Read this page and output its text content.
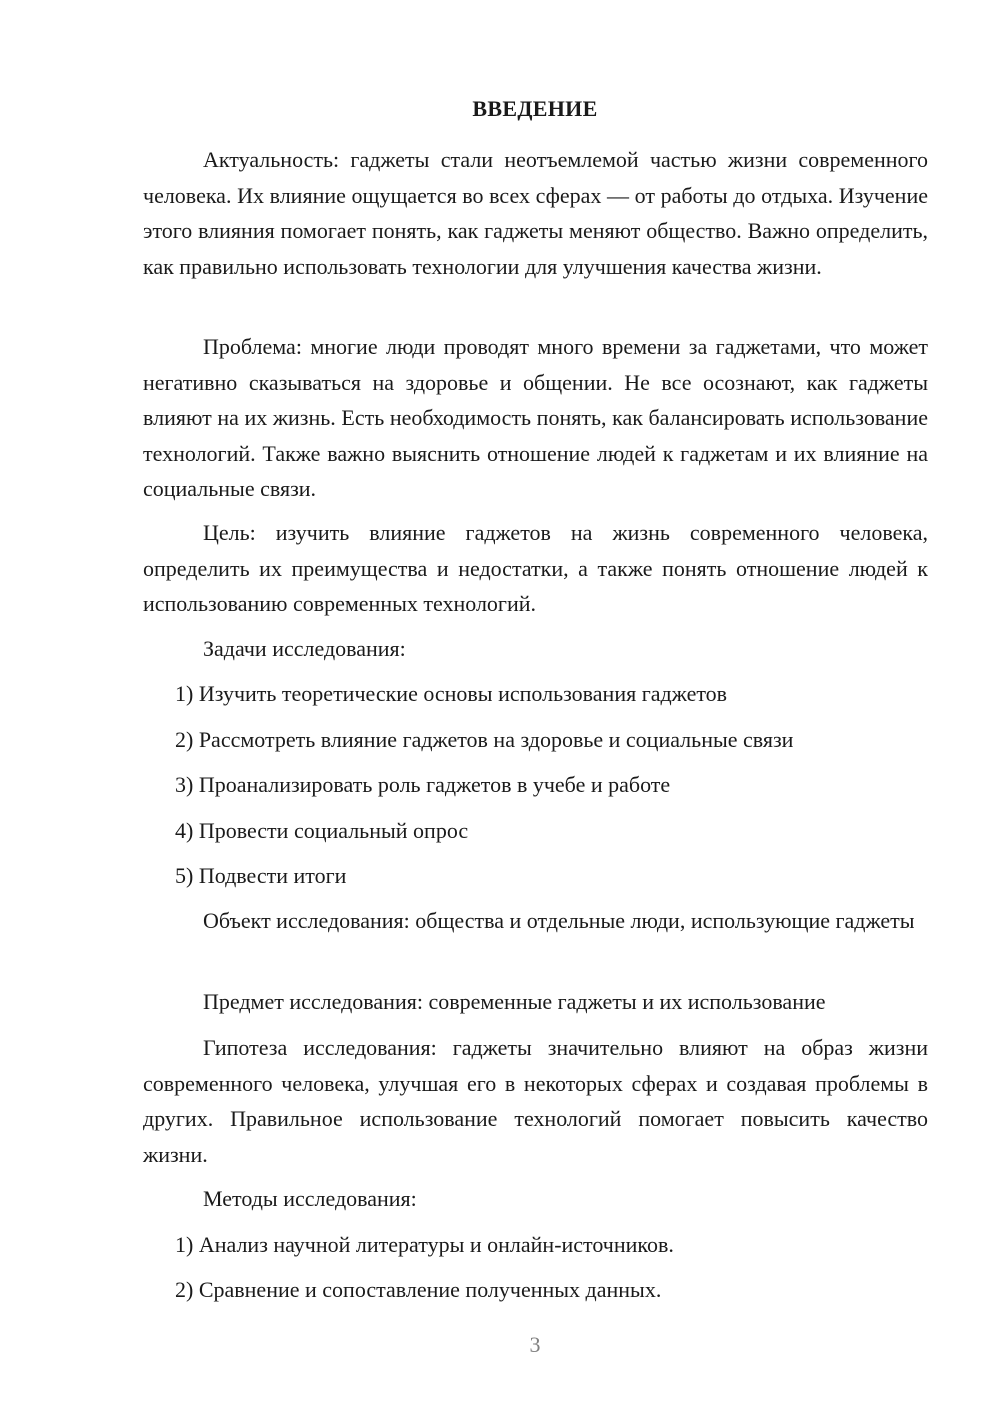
ВВЕДЕНИЕ

Актуальность: гаджеты стали неотъемлемой частью жизни современного человека. Их влияние ощущается во всех сферах — от работы до отдыха. Изучение этого влияния помогает понять, как гаджеты меняют общество. Важно определить, как правильно использовать технологии для улучшения качества жизни.

Проблема: многие люди проводят много времени за гаджетами, что может негативно сказываться на здоровье и общении. Не все осознают, как гаджеты влияют на их жизнь. Есть необходимость понять, как балансировать использование технологий. Также важно выяснить отношение людей к гаджетам и их влияние на социальные связи.

Цель: изучить влияние гаджетов на жизнь современного человека, определить их преимущества и недостатки, а также понять отношение людей к использованию современных технологий.

Задачи исследования:

1) Изучить теоретические основы использования гаджетов

2) Рассмотреть влияние гаджетов на здоровье и социальные связи

3) Проанализировать роль гаджетов в учебе и работе

4) Провести социальный опрос

5) Подвести итоги

Объект исследования: общества и отдельные люди, использующие гаджеты

Предмет исследования: современные гаджеты и их использование

Гипотеза исследования: гаджеты значительно влияют на образ жизни современного человека, улучшая его в некоторых сферах и создавая проблемы в других. Правильное использование технологий помогает повысить качество жизни.

Методы исследования:

1) Анализ научной литературы и онлайн-источников.

2) Сравнение и сопоставление полученных данных.

3
